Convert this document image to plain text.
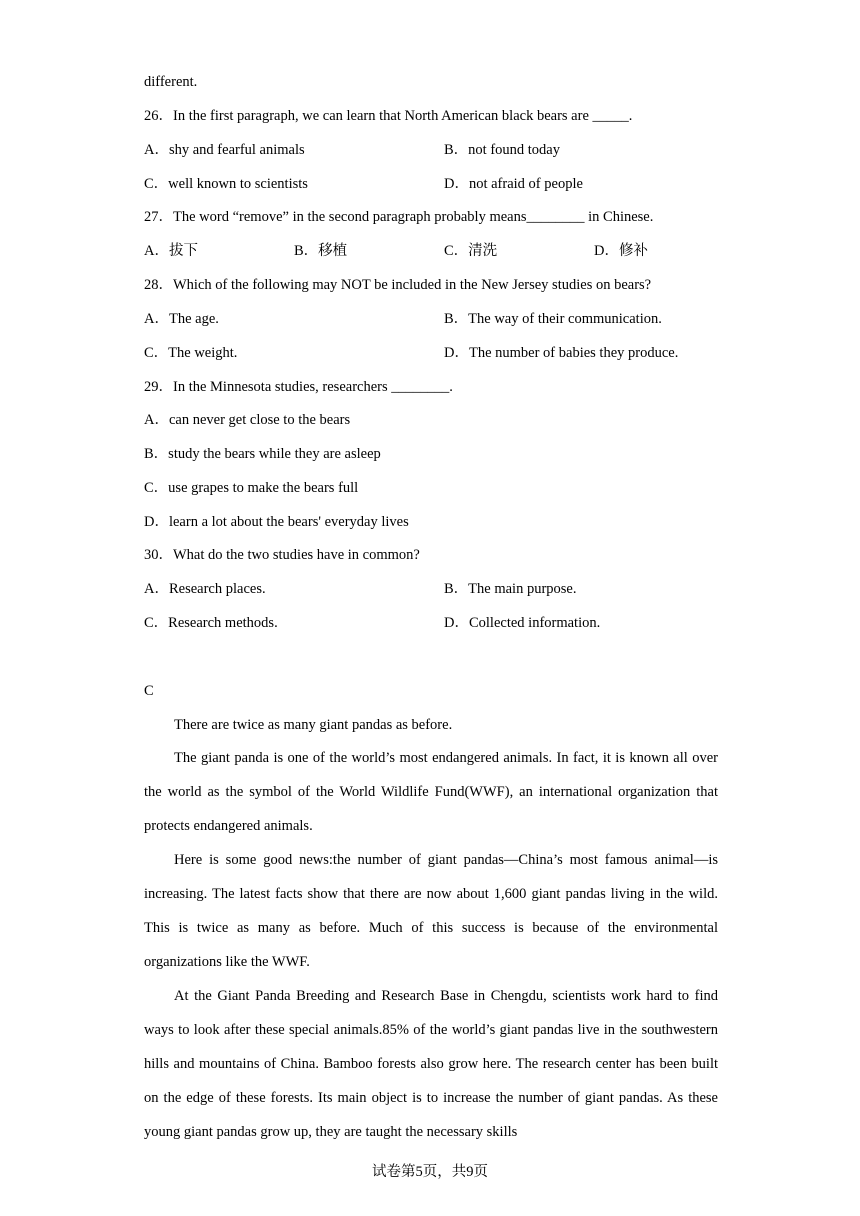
different.
26．In the first paragraph, we can learn that North American black bears are _____.
A．shy and fearful animals	B．not found today
C．well known to scientists	D．not afraid of people
27．The word “remove” in the second paragraph probably means________ in Chinese.
A．拔下	B．移植	C．清洗	D．修补
28．Which of the following may NOT be included in the New Jersey studies on bears?
A．The age.	B．The way of their communication.
C．The weight.	D．The number of babies they produce.
29．In the Minnesota studies, researchers ________.
A．can never get close to the bears
B．study the bears while they are asleep
C．use grapes to make the bears full
D．learn a lot about the bears' everyday lives
30．What do the two studies have in common?
A．Research places.	B．The main purpose.
C．Research methods.	D．Collected information.
C
There are twice as many giant pandas as before.

The giant panda is one of the world’s most endangered animals. In fact, it is known all over the world as the symbol of the World Wildlife Fund(WWF), an international organization that protects endangered animals.

Here is some good news:the number of giant pandas—China’s most famous animal—is increasing. The latest facts show that there are now about 1,600 giant pandas living in the wild. This is twice as many as before. Much of this success is because of the environmental organizations like the WWF.

At the Giant Panda Breeding and Research Base in Chengdu, scientists work hard to find ways to look after these special animals.85% of the world’s giant pandas live in the southwestern hills and mountains of China. Bamboo forests also grow here. The research center has been built on the edge of these forests. Its main object is to increase the number of giant pandas. As these young giant pandas grow up, they are taught the necessary skills

试卷第5页，共9页
